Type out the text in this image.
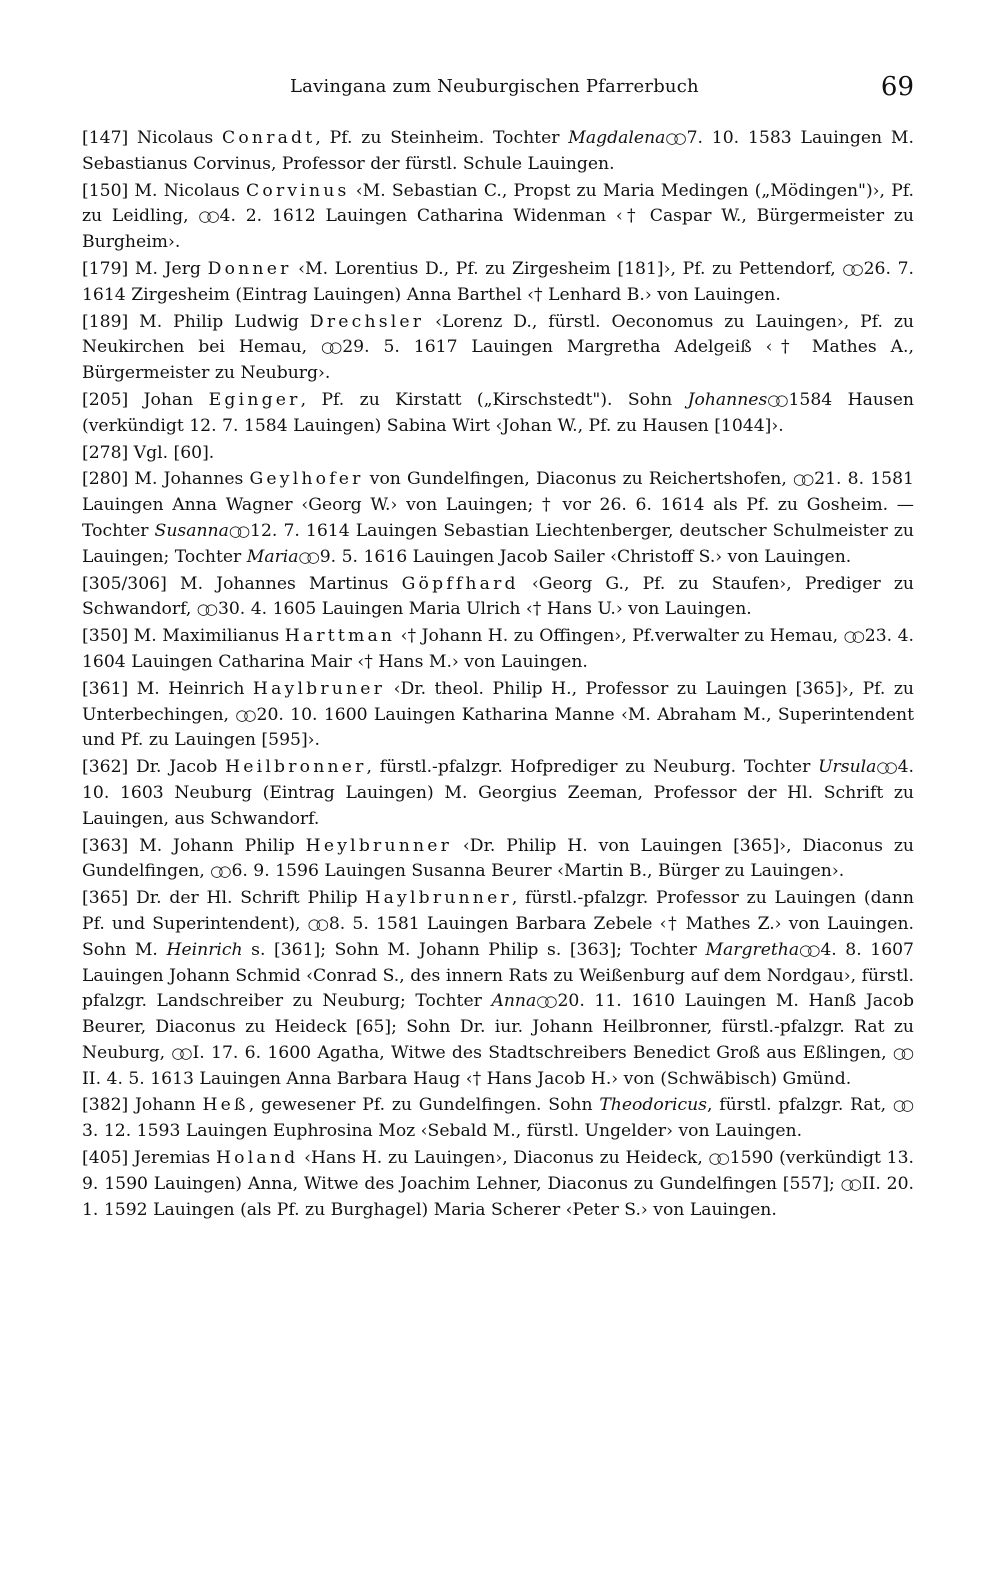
Lavingana zum Neuburgischen Pfarrerbuch	69

[147] Nicolaus Conradt, Pf. zu Steinheim. Tochter Magdalena○○ 7. 10. 1583 Lauingen M. Sebastianus Corvinus, Professor der fürstl. Schule Lauingen.

[150] M. Nicolaus Corvinus ‹M. Sebastian C., Propst zu Maria Medingen („Mödingen")›, Pf. zu Leidling, ○○ 4. 2. 1612 Lauingen Catharina Widenman ‹† Caspar W., Bürgermeister zu Burgheim›.

[179] M. Jerg Donner ‹M. Lorentius D., Pf. zu Zirgesheim [181]›, Pf. zu Pettendorf, ○○ 26. 7. 1614 Zirgesheim (Eintrag Lauingen) Anna Barthel ‹† Lenhard B.› von Lauingen.

[189] M. Philip Ludwig Drechsler ‹Lorenz D., fürstl. Oeconomus zu Lauingen›, Pf. zu Neukirchen bei Hemau, ○○ 29. 5. 1617 Lauingen Margretha Adelgeiß ‹† Mathes A., Bürgermeister zu Neuburg›.

[205] Johan Eginger, Pf. zu Kirstatt („Kirschstedt"). Sohn Johannes○○ 1584 Hausen (verkündigt 12. 7. 1584 Lauingen) Sabina Wirt ‹Johan W., Pf. zu Hausen [1044]›.

[278] Vgl. [60].

[280] M. Johannes Geylhofer von Gundelfingen, Diaconus zu Reichertshofen, ○○ 21. 8. 1581 Lauingen Anna Wagner ‹Georg W.› von Lauingen; † vor 26. 6. 1614 als Pf. zu Gosheim. — Tochter Susanna○○ 12. 7. 1614 Lauingen Sebastian Liechtenberger, deutscher Schulmeister zu Lauingen; Tochter Maria○○ 9. 5. 1616 Lauingen Jacob Sailer ‹Christoff S.› von Lauingen.

[305/306] M. Johannes Martinus Göpffhard ‹Georg G., Pf. zu Staufen›, Prediger zu Schwandorf, ○○ 30. 4. 1605 Lauingen Maria Ulrich ‹† Hans U.› von Lauingen.

[350] M. Maximilianus Harttman ‹† Johann H. zu Offingen›, Pf.verwalter zu Hemau, ○○ 23. 4. 1604 Lauingen Catharina Mair ‹† Hans M.› von Lauingen.

[361] M. Heinrich Haylbruner ‹Dr. theol. Philip H., Professor zu Lauingen [365]›, Pf. zu Unterbechingen, ○○ 20. 10. 1600 Lauingen Katharina Manne ‹M. Abraham M., Superintendent und Pf. zu Lauingen [595]›.

[362] Dr. Jacob Heilbronner, fürstl.-pfalzgr. Hofprediger zu Neuburg. Tochter Ursula○○ 4. 10. 1603 Neuburg (Eintrag Lauingen) M. Georgius Zeeman, Professor der Hl. Schrift zu Lauingen, aus Schwandorf.

[363] M. Johann Philip Heylbrunner ‹Dr. Philip H. von Lauingen [365]›, Diaconus zu Gundelfingen, ○○ 6. 9. 1596 Lauingen Susanna Beurer ‹Martin B., Bürger zu Lauingen›.

[365] Dr. der Hl. Schrift Philip Haylbrunner, fürstl.-pfalzgr. Professor zu Lauingen (dann Pf. und Superintendent), ○○ 8. 5. 1581 Lauingen Barbara Zebele ‹† Mathes Z.› von Lauingen. Sohn M. Heinrich s. [361]; Sohn M. Johann Philip s. [363]; Tochter Margretha○○ 4. 8. 1607 Lauingen Johann Schmid ‹Conrad S., des innern Rats zu Weißenburg auf dem Nordgau›, fürstl. pfalzgr. Landschreiber zu Neuburg; Tochter Anna○○ 20. 11. 1610 Lauingen M. Hanß Jacob Beurer, Diaconus zu Heideck [65]; Sohn Dr. iur. Johann Heilbronner, fürstl.-pfalzgr. Rat zu Neuburg, ○○ I. 17. 6. 1600 Agatha, Witwe des Stadtschreibers Benedict Groß aus Eßlingen, ○○II. 4. 5. 1613 Lauingen Anna Barbara Haug ‹† Hans Jacob H.› von (Schwäbisch) Gmünd.

[382] Johann Heß, gewesener Pf. zu Gundelfingen. Sohn Theodoricus, fürstl. pfalzgr. Rat, ○○3. 12. 1593 Lauingen Euphrosina Moz ‹Sebald M., fürstl. Ungelder› von Lauingen.

[405] Jeremias Holand ‹Hans H. zu Lauingen›, Diaconus zu Heideck, ○○ 1590 (verkündigt 13. 9. 1590 Lauingen) Anna, Witwe des Joachim Lehner, Diaconus zu Gundelfingen [557]; ○○ II. 20. 1. 1592 Lauingen (als Pf. zu Burghagel) Maria Scherer ‹Peter S.› von Lauingen.
